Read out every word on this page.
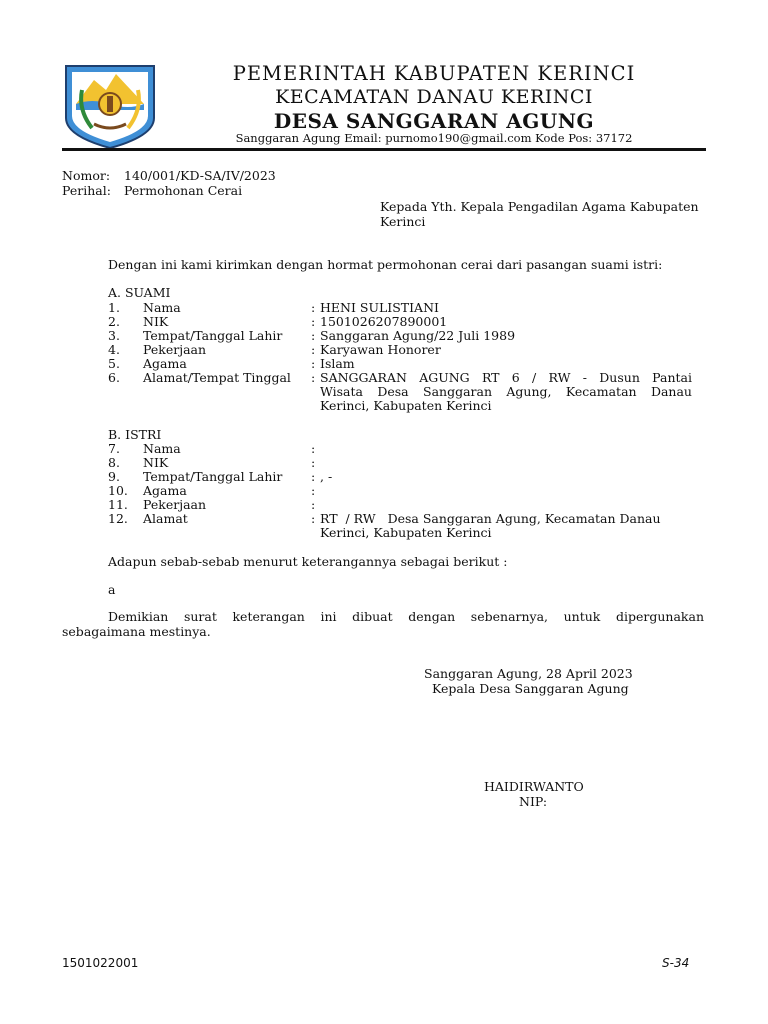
PEMERINTAH KABUPATEN KERINCI
KECAMATAN DANAU KERINCI
DESA SANGGARAN AGUNG
Sanggaran Agung Email: purnomo190@gmail.com Kode Pos: 37172
Nomor: 140/001/KD-SA/IV/2023
Perihal: Permohonan Cerai
Kepada Yth. Kepala Pengadilan Agama Kabupaten
Kerinci
Dengan ini kami kirimkan dengan hormat permohonan cerai dari pasangan suami istri:
A. SUAMI
1. Nama	: HENI SULISTIANI
2. NIK	: 1501026207890001
3. Tempat/Tanggal Lahir : Sanggaran Agung/22 Juli 1989
4. Pekerjaan	: Karyawan Honorer
5. Agama	: Islam
6. Alamat/Tempat Tinggal : SANGGARAN AGUNG RT 6 / RW - Dusun Pantai
Wisata Desa Sanggaran Agung, Kecamatan Danau
Kerinci, Kabupaten Kerinci
B. ISTRI
7. Nama	:
8. NIK	:
9. Tempat/Tanggal Lahir : , -
10. Agama	:
11. Pekerjaan	:
12. Alamat	: RT  / RW   Desa Sanggaran Agung, Kecamatan Danau
Kerinci, Kabupaten Kerinci
Adapun sebab-sebab menurut keterangannya sebagai berikut :
a
Demikian surat keterangan ini dibuat dengan sebenarnya, untuk dipergunakan
sebagaimana mestinya.
Sanggaran Agung, 28 April 2023
Kepala Desa Sanggaran Agung
HAIDIRWANTO
NIP:
1501022001	S-34
